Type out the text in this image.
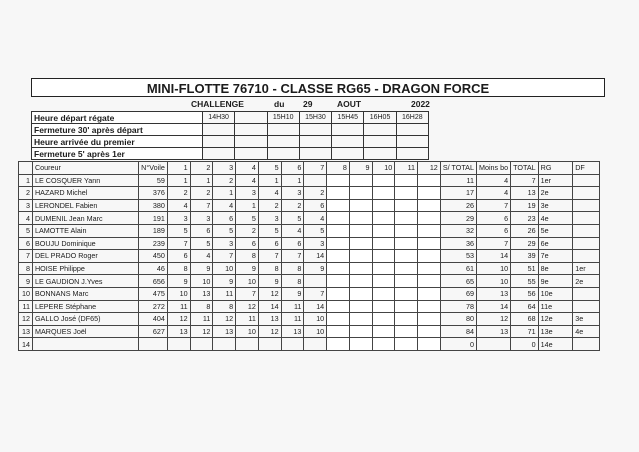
MINI-FLOTTE 76710 - CLASSE RG65 - DRAGON FORCE
CHALLENGE	du 29	AOUT	2022
Heure départ régate	14H30		15H10	15H30	15H45	16H05	16H28
Fermeture 30' après départ							
Heure arrivée du premier							
Fermeture 5' après 1er							
	Coureur	N°Voile	1	2	3	4	5	6	7	8	9	10	11	12	S/ TOTAL	Moins bo	TOTAL	RG	DF
1	LE COSQUER Yann	59	1	1	2	4	1	1							11	4	7	1er	
2	HAZARD Michel	376	2	2	1	3	4	3	2						17	4	13	2e	
3	LERONDEL Fabien	380	4	7	4	1	2	2	6						26	7	19	3e	
4	DUMENIL Jean Marc	191	3	3	6	5	3	5	4						29	6	23	4e	
5	LAMOTTE Alain	189	5	6	5	2	5	4	5						32	6	26	5e	
6	BOUJU Dominique	239	7	5	3	6	6	6	3						36	7	29	6e	
7	DEL PRADO Roger	450	6	4	7	8	7	7	14						53	14	39	7e	
8	HOISE Philippe	46	8	9	10	9	8	8	9						61	10	51	8e	1er
9	LE GAUDION J.Yves	656	9	10	9	10	9	8							65	10	55	9e	2e
10	BONNANS Marc	475	10	13	11	7	12	9	7						69	13	56	10e	
11	LEPERE Stéphane	272	11	8	8	12	14	11	14						78	14	64	11e	
12	GALLO José (DF65)	404	12	11	12	11	13	11	10						80	12	68	12e	3e
13	MARQUES Joël	627	13	12	13	10	12	13	10						84	13	71	13e	4e
14															0		0	14e	
